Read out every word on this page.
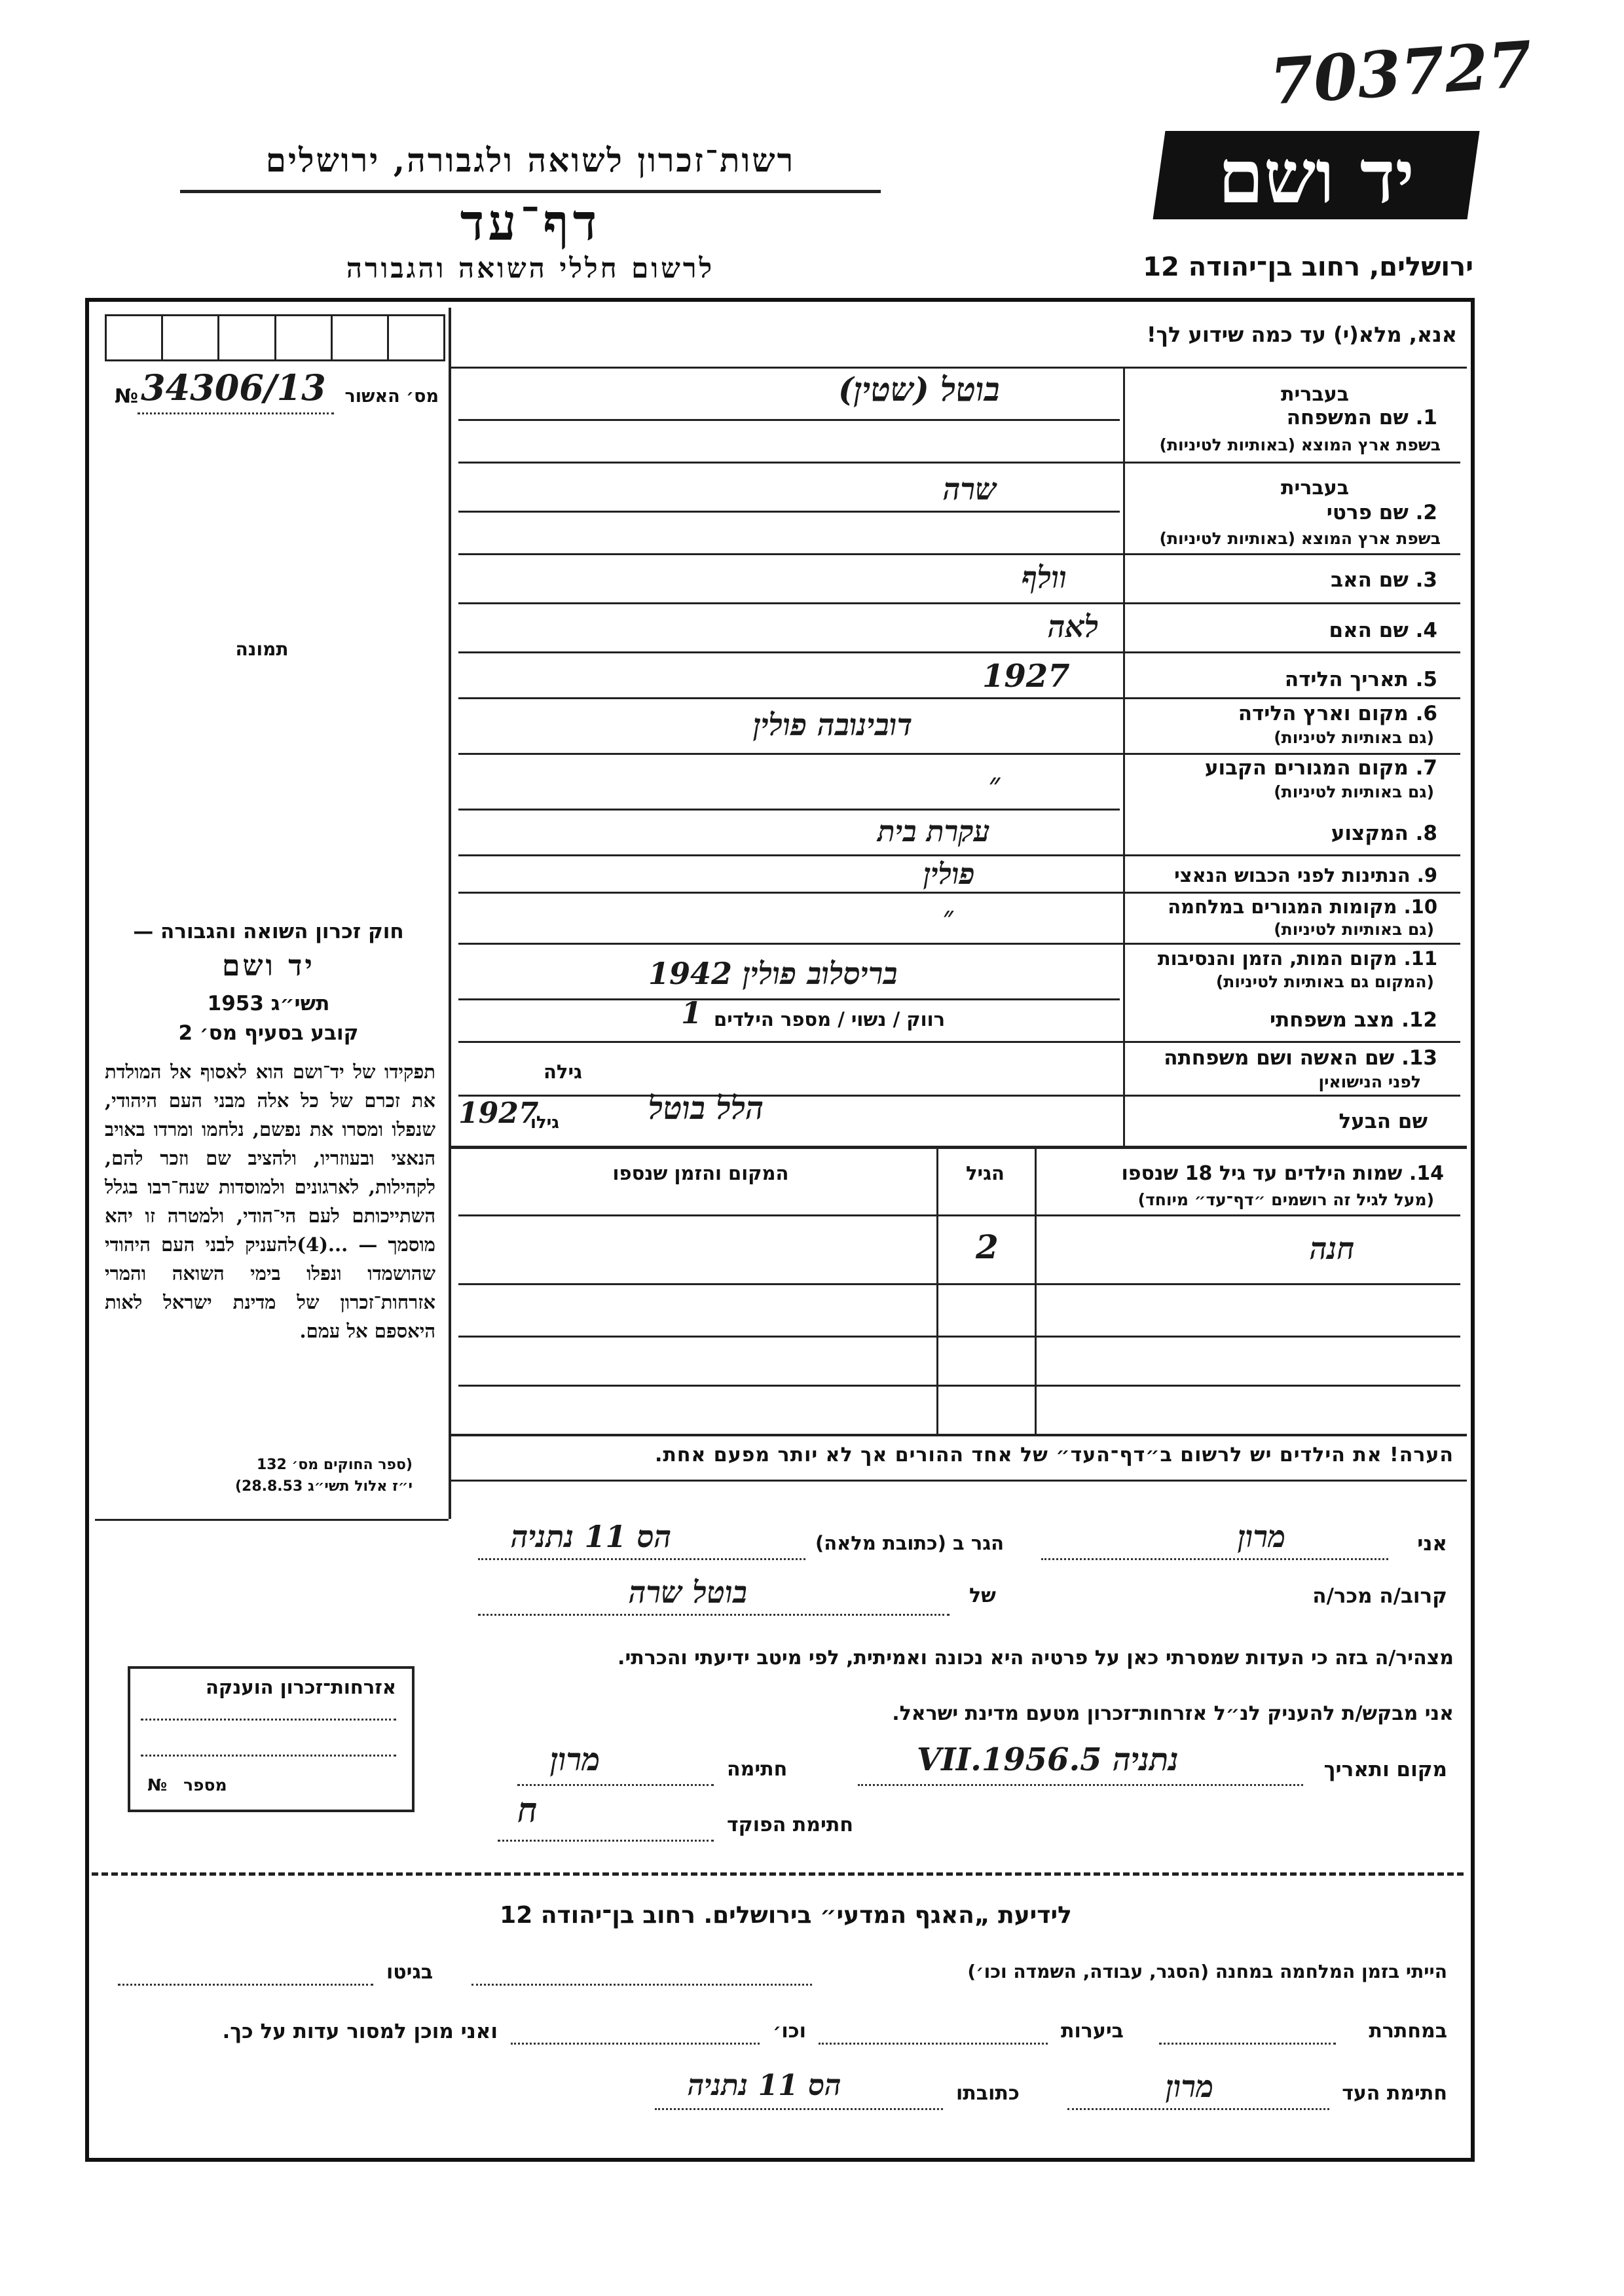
703727
יד ושם
רשות־זכרון לשואה ולגבורה, ירושלים
דף־עד
לרשום חללי השואה והגבורה	ירושלים, רחוב בן־יהודה 12
מס׳ האשור
№ 34306/13
תמונה
חוק זכרון השואה והגבורה —
יד ושם
תשי״ג 1953
קובע בסעיף מס׳ 2
תפקידו של יד־ושם הוא לאסוף אל המולדת את זכרם של כל אלה מבני העם היהודי, שנפלו ומסרו את נפשם, נלחמו ומרדו באויב הנאצי ובעוזריו, ולהציב שם וזכר להם, לקהילות, לארגונים ולמוסדות שנח־רבו בגלל השתייכותם לעם הי־הודי, ולמטרה זו יהא מוסמך — ...(4)להעניק לבני העם היהודי שהושמדו ונפלו בימי השואה והמרי אזרחות־זכרון של מדינת ישראל לאות היאספם אל עמם.
(ספר החוקים מס׳ 132
י״ז אלול תשי״ג 28.8.53)
אנא, מלא(י) עד כמה שידוע לך!
1. שם המשפחה
בשפת ארץ המוצא (באותיות לטיניות)
בעברית
בוטל (שטין)
2. שם פרטי
בשפת ארץ המוצא (באותיות לטיניות)
בעברית
שרה
3. שם האב
וולף
4. שם האם
לאה
5. תאריך הלידה
1927
6. מקום וארץ הלידה
(גם באותיות לטיניות)
דובינובה פולין
7. מקום המגורים הקבוע
(גם באותיות לטיניות)
״
8. המקצוע
עקרת בית
9. הנתינות לפני הכבוש הנאצי
פולין
10. מקומות המגורים במלחמה
(גם באותיות לטיניות)
״
11. מקום המות, הזמן והנסיבות
(המקום גם באותיות לטיניות)
בריסלוב פולין 1942
12. מצב משפחתי
רווק / נשוי / מספר הילדים
1
13. שם האשה ושם משפחתה
לפני הנישואין
גילה
שם הבעל
הלל בוטל
גילו
1927
14. שמות הילדים עד גיל 18 שנספו
(מעל לגיל זה רושמים ״דף־עד״ מיוחד)
הגיל
המקום והזמן שנספו
חנה
2
הערה! את הילדים יש לרשום ב״דף־העד״ של אחד ההורים אך לא יותר מפעם אחת.
אני
מרון
הגר ב (כתובת מלאה)
הס 11 נתניה
קרוב/ה מכר/ה
של
בוטל שרה
מצהיר/ה בזה כי העדות שמסרתי כאן על פרטיה היא נכונה ואמיתית, לפי מיטב ידיעתי והכרתי.
אני מבקש/ת להעניק לנ״ל אזרחות־זכרון מטעם מדינת ישראל.
מקום ותאריך
נתניה 5.VII.1956
חתימה
מרון
חתימת הפוקד
ח
אזרחות־זכרון הוענקה
מספר
№
לידיעת „האגף המדעי״ בירושלים. רחוב בן־יהודה 12
הייתי בזמן המלחמה במחנה (הסגר, עבודה, השמדה וכו׳)
בגיטו
במחתרת
ביערות
וכו׳
ואני מוכן למסור עדות על כך.
חתימת העד
מרון
כתובתו
הס 11 נתניה
